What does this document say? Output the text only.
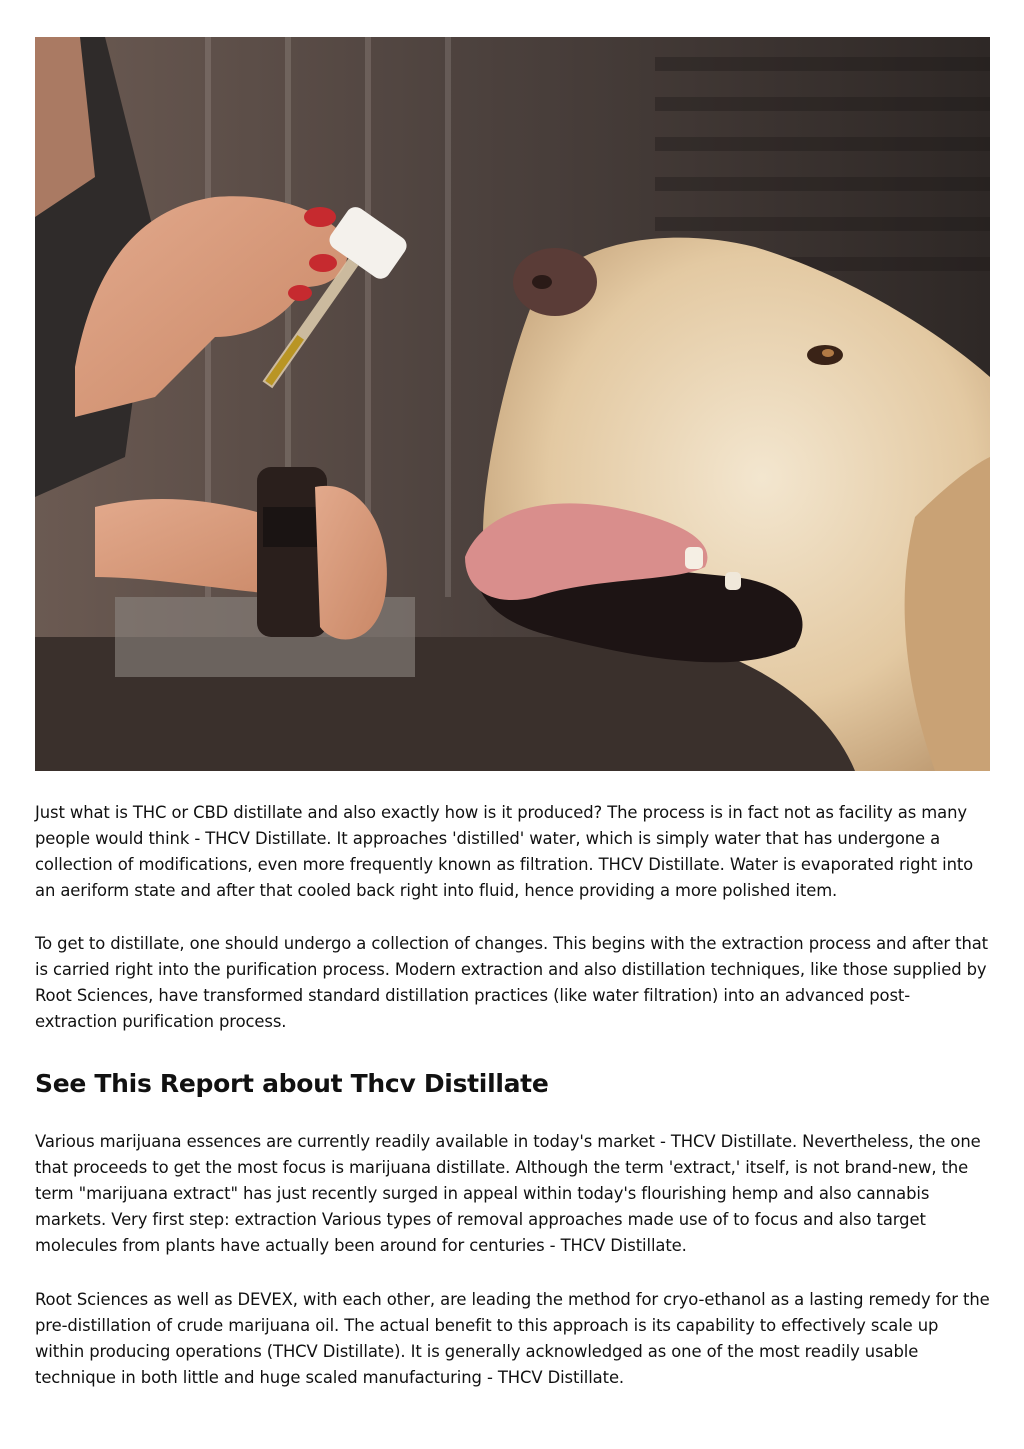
Just what is THC or CBD distillate and also exactly how is it produced? The process is in fact not as facility as many people would think - THCV Distillate. It approaches 'distilled' water, which is simply water that has undergone a collection of modifications, even more frequently known as filtration. THCV Distillate. Water is evaporated right into an aeriform state and after that cooled back right into fluid, hence providing a more polished item.

To get to distillate, one should undergo a collection of changes. This begins with the extraction process and after that is carried right into the purification process. Modern extraction and also distillation techniques, like those supplied by Root Sciences, have transformed standard distillation practices (like water filtration) into an advanced post-extraction purification process.

See This Report about Thcv Distillate

Various marijuana essences are currently readily available in today's market - THCV Distillate. Nevertheless, the one that proceeds to get the most focus is marijuana distillate. Although the term 'extract,' itself, is not brand-new, the term "marijuana extract" has just recently surged in appeal within today's flourishing hemp and also cannabis markets. Very first step: extraction Various types of removal approaches made use of to focus and also target molecules from plants have actually been around for centuries - THCV Distillate.

Root Sciences as well as DEVEX, with each other, are leading the method for cryo-ethanol as a lasting remedy for the pre-distillation of crude marijuana oil. The actual benefit to this approach is its capability to effectively scale up within producing operations (THCV Distillate). It is generally acknowledged as one of the most readily usable technique in both little and huge scaled manufacturing - THCV Distillate.
